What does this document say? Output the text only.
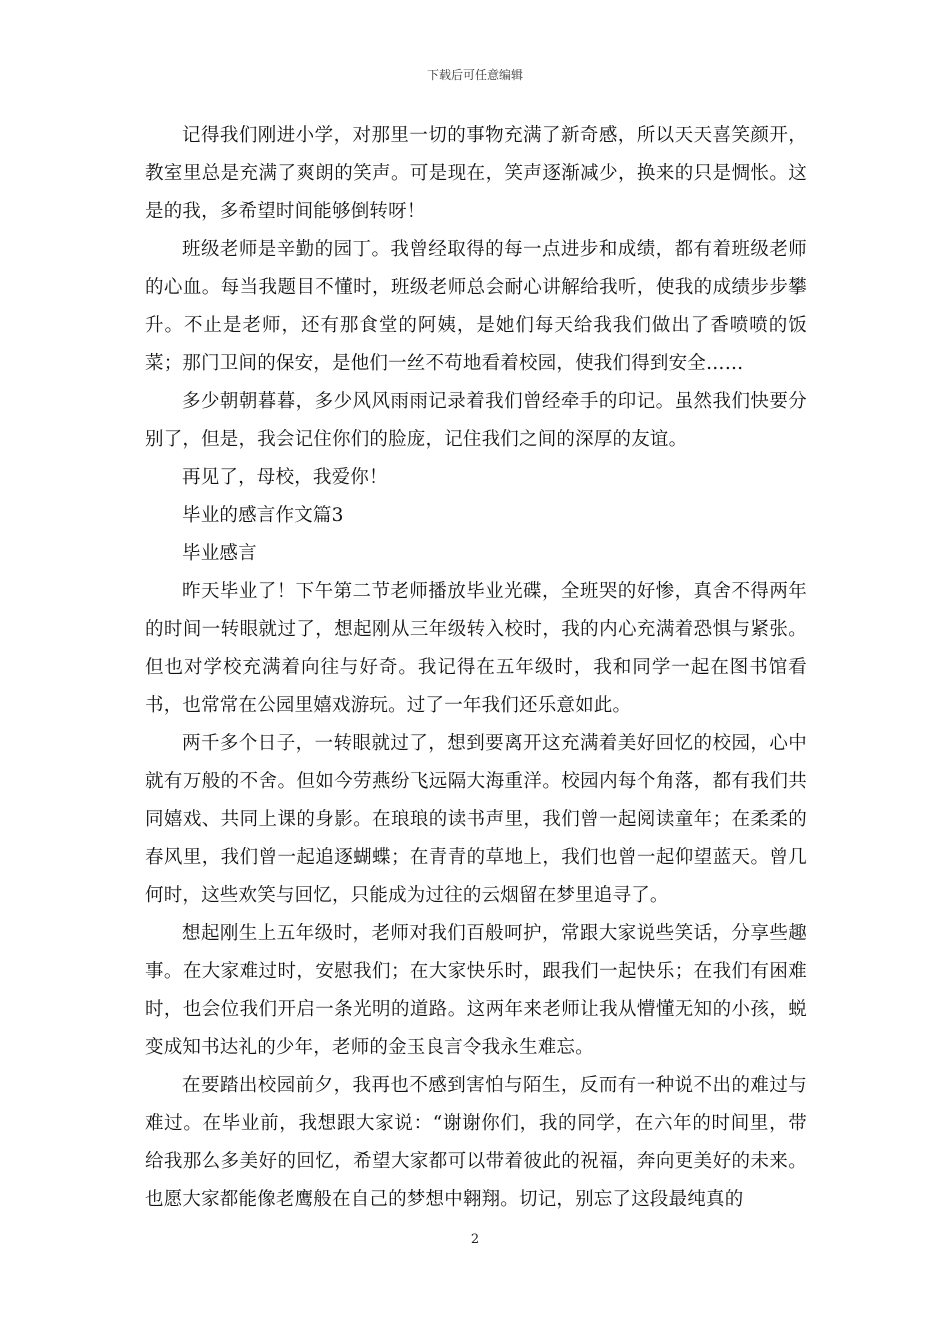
下载后可任意编辑

记得我们刚进小学，对那里一切的事物充满了新奇感，所以天天喜笑颜开，教室里总是充满了爽朗的笑声。可是现在，笑声逐渐减少，换来的只是惆怅。这是的我，多希望时间能够倒转呀！

班级老师是辛勤的园丁。我曾经取得的每一点进步和成绩，都有着班级老师的心血。每当我题目不懂时，班级老师总会耐心讲解给我听，使我的成绩步步攀升。不止是老师，还有那食堂的阿姨，是她们每天给我我们做出了香喷喷的饭菜；那门卫间的保安，是他们一丝不苟地看着校园，使我们得到安全……

多少朝朝暮暮，多少风风雨雨记录着我们曾经牵手的印记。虽然我们快要分别了，但是，我会记住你们的脸庞，记住我们之间的深厚的友谊。

再见了，母校，我爱你！

毕业的感言作文篇3

毕业感言

昨天毕业了！下午第二节老师播放毕业光碟，全班哭的好惨，真舍不得两年的时间一转眼就过了，想起刚从三年级转入校时，我的内心充满着恐惧与紧张。但也对学校充满着向往与好奇。我记得在五年级时，我和同学一起在图书馆看书，也常常在公园里嬉戏游玩。过了一年我们还乐意如此。

两千多个日子，一转眼就过了，想到要离开这充满着美好回忆的校园，心中就有万般的不舍。但如今劳燕纷飞远隔大海重洋。校园内每个角落，都有我们共同嬉戏、共同上课的身影。在琅琅的读书声里，我们曾一起阅读童年；在柔柔的春风里，我们曾一起追逐蝴蝶；在青青的草地上，我们也曾一起仰望蓝天。曾几何时，这些欢笑与回忆，只能成为过往的云烟留在梦里追寻了。

想起刚生上五年级时，老师对我们百般呵护，常跟大家说些笑话，分享些趣事。在大家难过时，安慰我们；在大家快乐时，跟我们一起快乐；在我们有困难时，也会位我们开启一条光明的道路。这两年来老师让我从懵懂无知的小孩，蜕变成知书达礼的少年，老师的金玉良言令我永生难忘。

在要踏出校园前夕，我再也不感到害怕与陌生，反而有一种说不出的难过与难过。在毕业前，我想跟大家说：“谢谢你们，我的同学，在六年的时间里，带给我那么多美好的回忆，希望大家都可以带着彼此的祝福，奔向更美好的未来。也愿大家都能像老鹰般在自己的梦想中翱翔。切记，别忘了这段最纯真的

2
